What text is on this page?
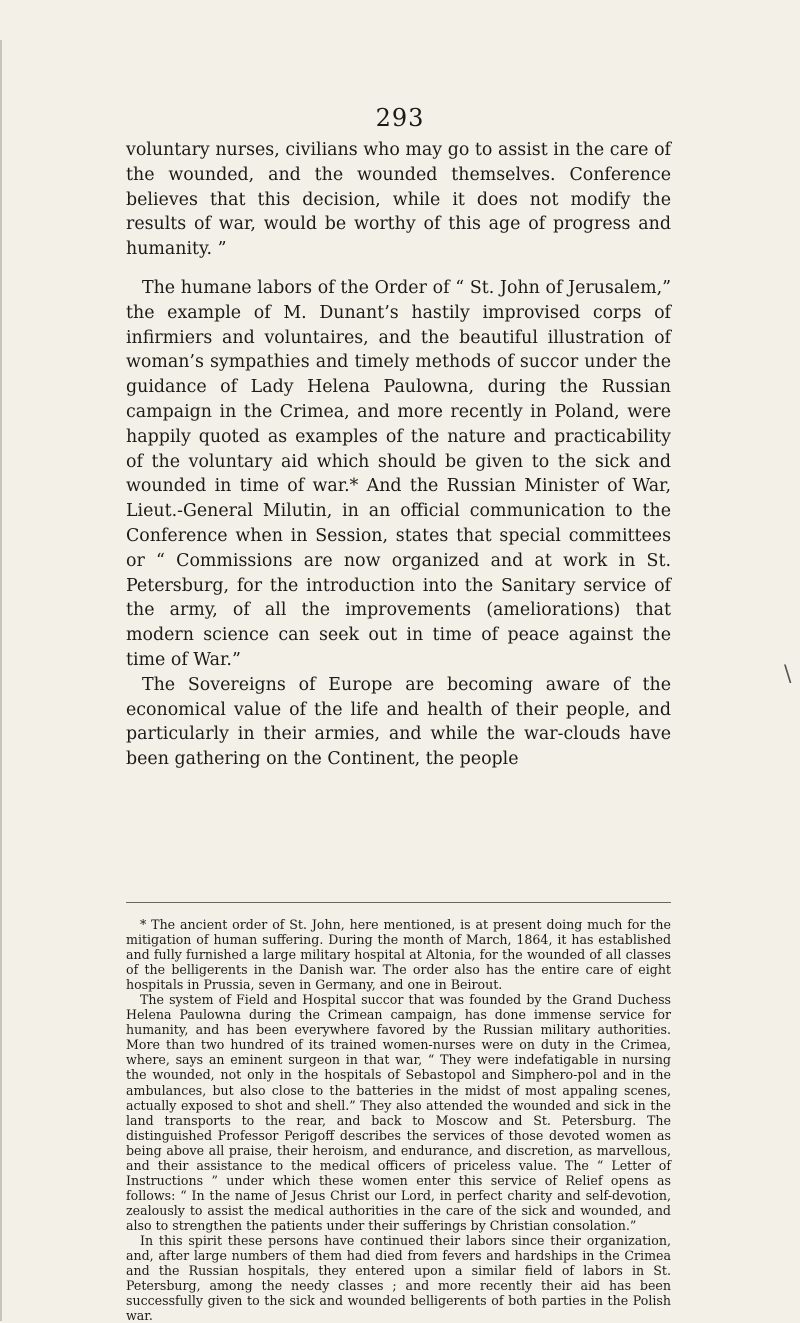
293

voluntary nurses, civilians who may go to assist in the care of the wounded, and the wounded themselves. Conference believes that this decision, while it does not modify the results of war, would be worthy of this age of progress and humanity. ”

The humane labors of the Order of “ St. John of Jerusalem,” the example of M. Dunant’s hastily improvised corps of infirmiers and voluntaires, and the beautiful illustration of woman’s sympathies and timely methods of succor under the guidance of Lady Helena Paulowna, during the Russian campaign in the Crimea, and more recently in Poland, were happily quoted as examples of the nature and practicability of the voluntary aid which should be given to the sick and wounded in time of war.* And the Russian Minister of War, Lieut.-General Milutin, in an official communication to the Conference when in Session, states that special committees or “ Commissions are now organized and at work in St. Petersburg, for the introduction into the Sanitary service of the army, of all the improvements (ameliorations) that modern science can seek out in time of peace against the time of War.”

The Sovereigns of Europe are becoming aware of the economical value of the life and health of their people, and particularly in their armies, and while the war-clouds have been gathering on the Continent, the people

\

* The ancient order of St. John, here mentioned, is at present doing much for the mitigation of human suffering. During the month of March, 1864, it has established and fully furnished a large military hospital at Altonia, for the wounded of all classes of the belligerents in the Danish war. The order also has the entire care of eight hospitals in Prussia, seven in Germany, and one in Beirout.

The system of Field and Hospital succor that was founded by the Grand Duchess Helena Paulowna during the Crimean campaign, has done immense service for humanity, and has been everywhere favored by the Russian military authorities. More than two hundred of its trained women-nurses were on duty in the Crimea, where, says an eminent surgeon in that war, “ They were indefatigable in nursing the wounded, not only in the hospitals of Sebastopol and Simphero-pol and in the ambulances, but also close to the batteries in the midst of most appaling scenes, actually exposed to shot and shell.” They also attended the wounded and sick in the land transports to the rear, and back to Moscow and St. Petersburg. The distinguished Professor Perigoff describes the services of those devoted women as being above all praise, their heroism, and endurance, and discretion, as marvellous, and their assistance to the medical officers of priceless value. The “ Letter of Instructions ” under which these women enter this service of Relief opens as follows: “ In the name of Jesus Christ our Lord, in perfect charity and self-devotion, zealously to assist the medical authorities in the care of the sick and wounded, and also to strengthen the patients under their sufferings by Christian consolation.”

In this spirit these persons have continued their labors since their organization, and, after large numbers of them had died from fevers and hardships in the Crimea and the Russian hospitals, they entered upon a similar field of labors in St. Petersburg, among the needy classes ; and more recently their aid has been successfully given to the sick and wounded belligerents of both parties in the Polish war.
